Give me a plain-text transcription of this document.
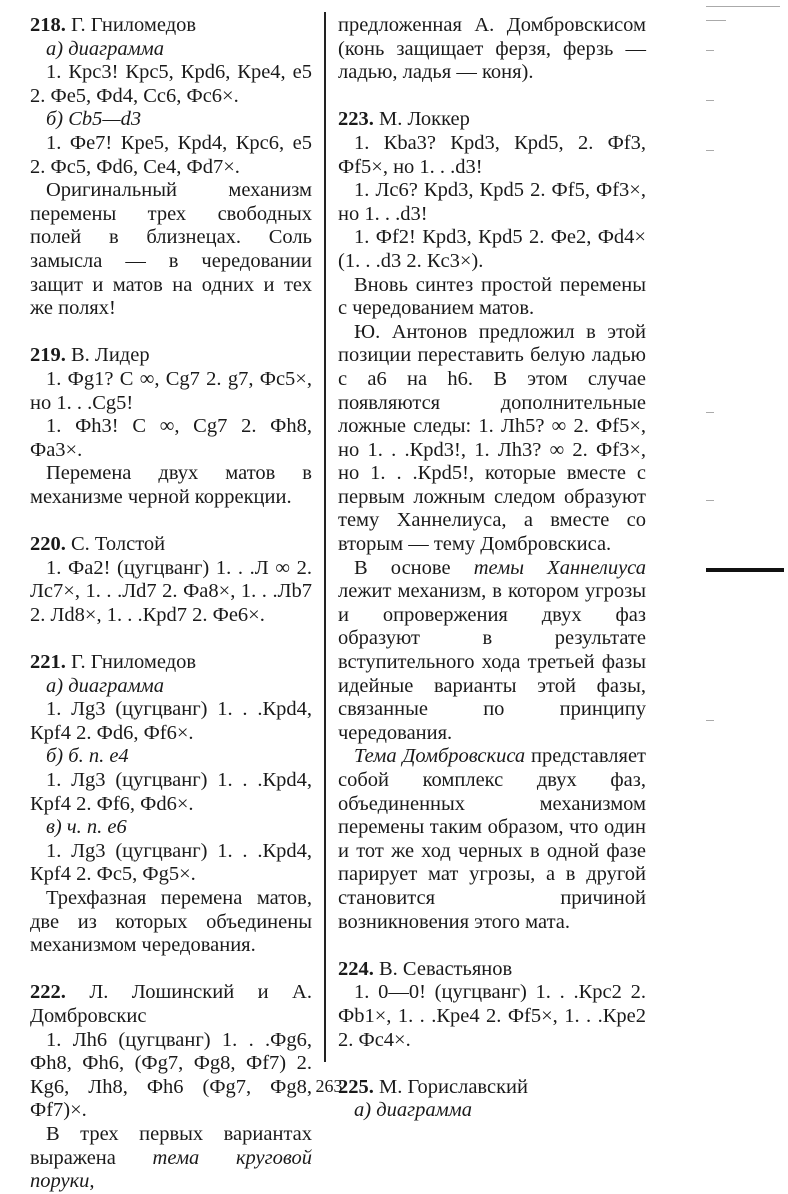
218. Г. Гниломедов

а) диаграмма

1. Крc3! Крc5, Крd6, Крe4, e5 2. Фe5, Фd4, Сc6, Фc6×.

б) Сb5—d3

1. Фe7! Крe5, Крd4, Крc6, e5 2. Фc5, Фd6, Сe4, Фd7×.

Оригинальный механизм перемены трех свободных полей в близнецах. Соль замысла — в чередовании защит и матов на одних и тех же полях!

219. В. Лидер

1. Фg1? С ∞, Сg7 2. g7, Фc5×, но 1. . .Сg5!

1. Фh3! С ∞, Сg7 2. Фh8, Фa3×.

Перемена двух матов в механизме черной коррекции.

220. С. Толстой

1. Фa2! (цугцванг) 1. . .Л ∞ 2. Лc7×, 1. . .Лd7 2. Фa8×, 1. . .Лb7 2. Лd8×, 1. . .Крd7 2. Фe6×.

221. Г. Гниломедов

а) диаграмма

1. Лg3 (цугцванг) 1. . .Крd4, Крf4 2. Фd6, Фf6×.

б) б. п. e4

1. Лg3 (цугцванг) 1. . .Крd4, Крf4 2. Фf6, Фd6×.

в) ч. п. e6

1. Лg3 (цугцванг) 1. . .Крd4, Крf4 2. Фc5, Фg5×.

Трехфазная перемена матов, две из которых объединены механизмом чередования.

222. Л. Лошинский и А. Домбровскис

1. Лh6 (цугцванг) 1. . .Фg6, Фh8, Фh6, (Фg7, Фg8, Фf7) 2. Кg6, Лh8, Фh6 (Фg7, Фg8, Фf7)×.

В трех первых вариантах выражена тема круговой поруки,

предложенная А. Домбровскисом (конь защищает ферзя, ферзь — ладью, ладья — коня).

223. М. Локкер

1. Кba3? Крd3, Крd5, 2. Фf3, Фf5×, но 1. . .d3!

1. Лc6? Крd3, Крd5 2. Фf5, Фf3×, но 1. . .d3!

1. Фf2! Крd3, Крd5 2. Фe2, Фd4× (1. . .d3 2. Кc3×).

Вновь синтез простой перемены с чередованием матов.

Ю. Антонов предложил в этой позиции переставить белую ладью с a6 на h6. В этом случае появляются дополнительные ложные следы: 1. Лh5? ∞ 2. Фf5×, но 1. . .Крd3!, 1. Лh3? ∞ 2. Фf3×, но 1. . .Крd5!, которые вместе с первым ложным следом образуют тему Ханнелиуса, а вместе со вторым — тему Домбровскиса.

В основе темы Ханнелиуса лежит механизм, в котором угрозы и опровержения двух фаз образуют в результате вступительного хода третьей фазы идейные варианты этой фазы, связанные по принципу чередования.

Тема Домбровскиса представляет собой комплекс двух фаз, объединенных механизмом перемены таким образом, что один и тот же ход черных в одной фазе парирует мат угрозы, а в другой становится причиной возникновения этого мата.

224. В. Севастьянов

1. 0—0! (цугцванг) 1. . .Крc2 2. Фb1×, 1. . .Крe4 2. Фf5×, 1. . .Крe2 2. Фc4×.

225. М. Гориславский

а) диаграмма

263
